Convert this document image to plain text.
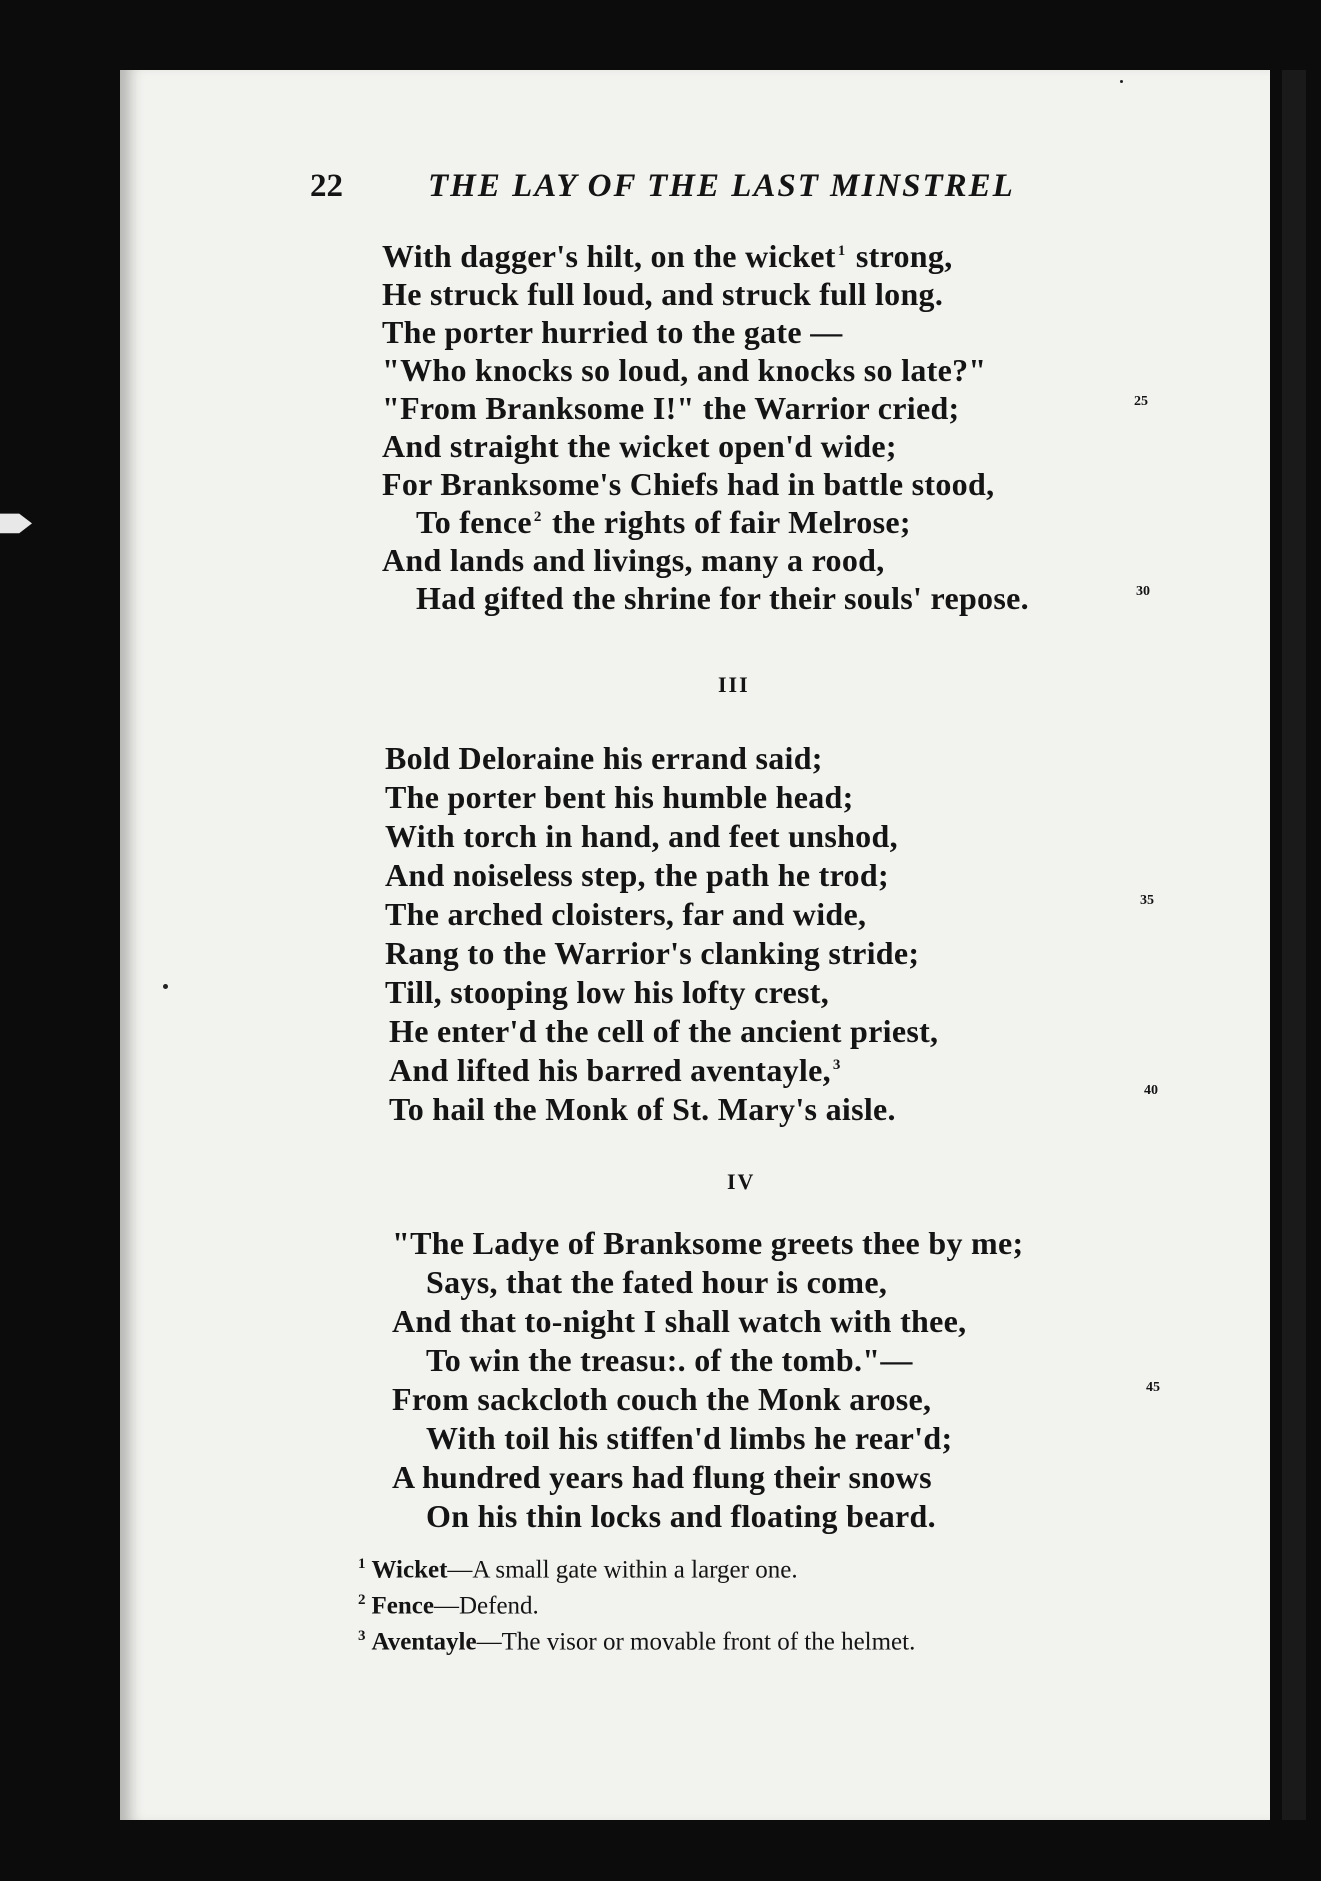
22	THE LAY OF THE LAST MINSTREL
With dagger's hilt, on the wicket $^1$ strong,
He struck full loud, and struck full long.
The porter hurried to the gate —
"Who knocks so loud, and knocks so late?"
"From Branksome I!" the Warrior cried;
And straight the wicket open'd wide;
For Branksome's Chiefs had in battle stood,
To fence $^2$ the rights of fair Melrose;
And lands and livings, many a rood,
Had gifted the shrine for their souls' repose.
25
30
III
Bold Deloraine his errand said;
The porter bent his humble head;
With torch in hand, and feet unshod,
And noiseless step, the path he trod;
The arched cloisters, far and wide,
Rang to the Warrior's clanking stride;
Till, stooping low his lofty crest,
He enter'd the cell of the ancient priest,
And lifted his barred aventayle, $^3$
To hail the Monk of St. Mary's aisle.
35
40
IV
"The Ladye of Branksome greets thee by me;
Says, that the fated hour is come,
And that to-night I shall watch with thee,
To win the treasu:. of the tomb."—
From sackcloth couch the Monk arose,
With toil his stiffen'd limbs he rear'd;
A hundred years had flung their snows
On his thin locks and floating beard.
45
$^1$ Wicket—A small gate within a larger one.
$^2$ Fence—Defend.
$^3$ Aventayle—The visor or movable front of the helmet.
